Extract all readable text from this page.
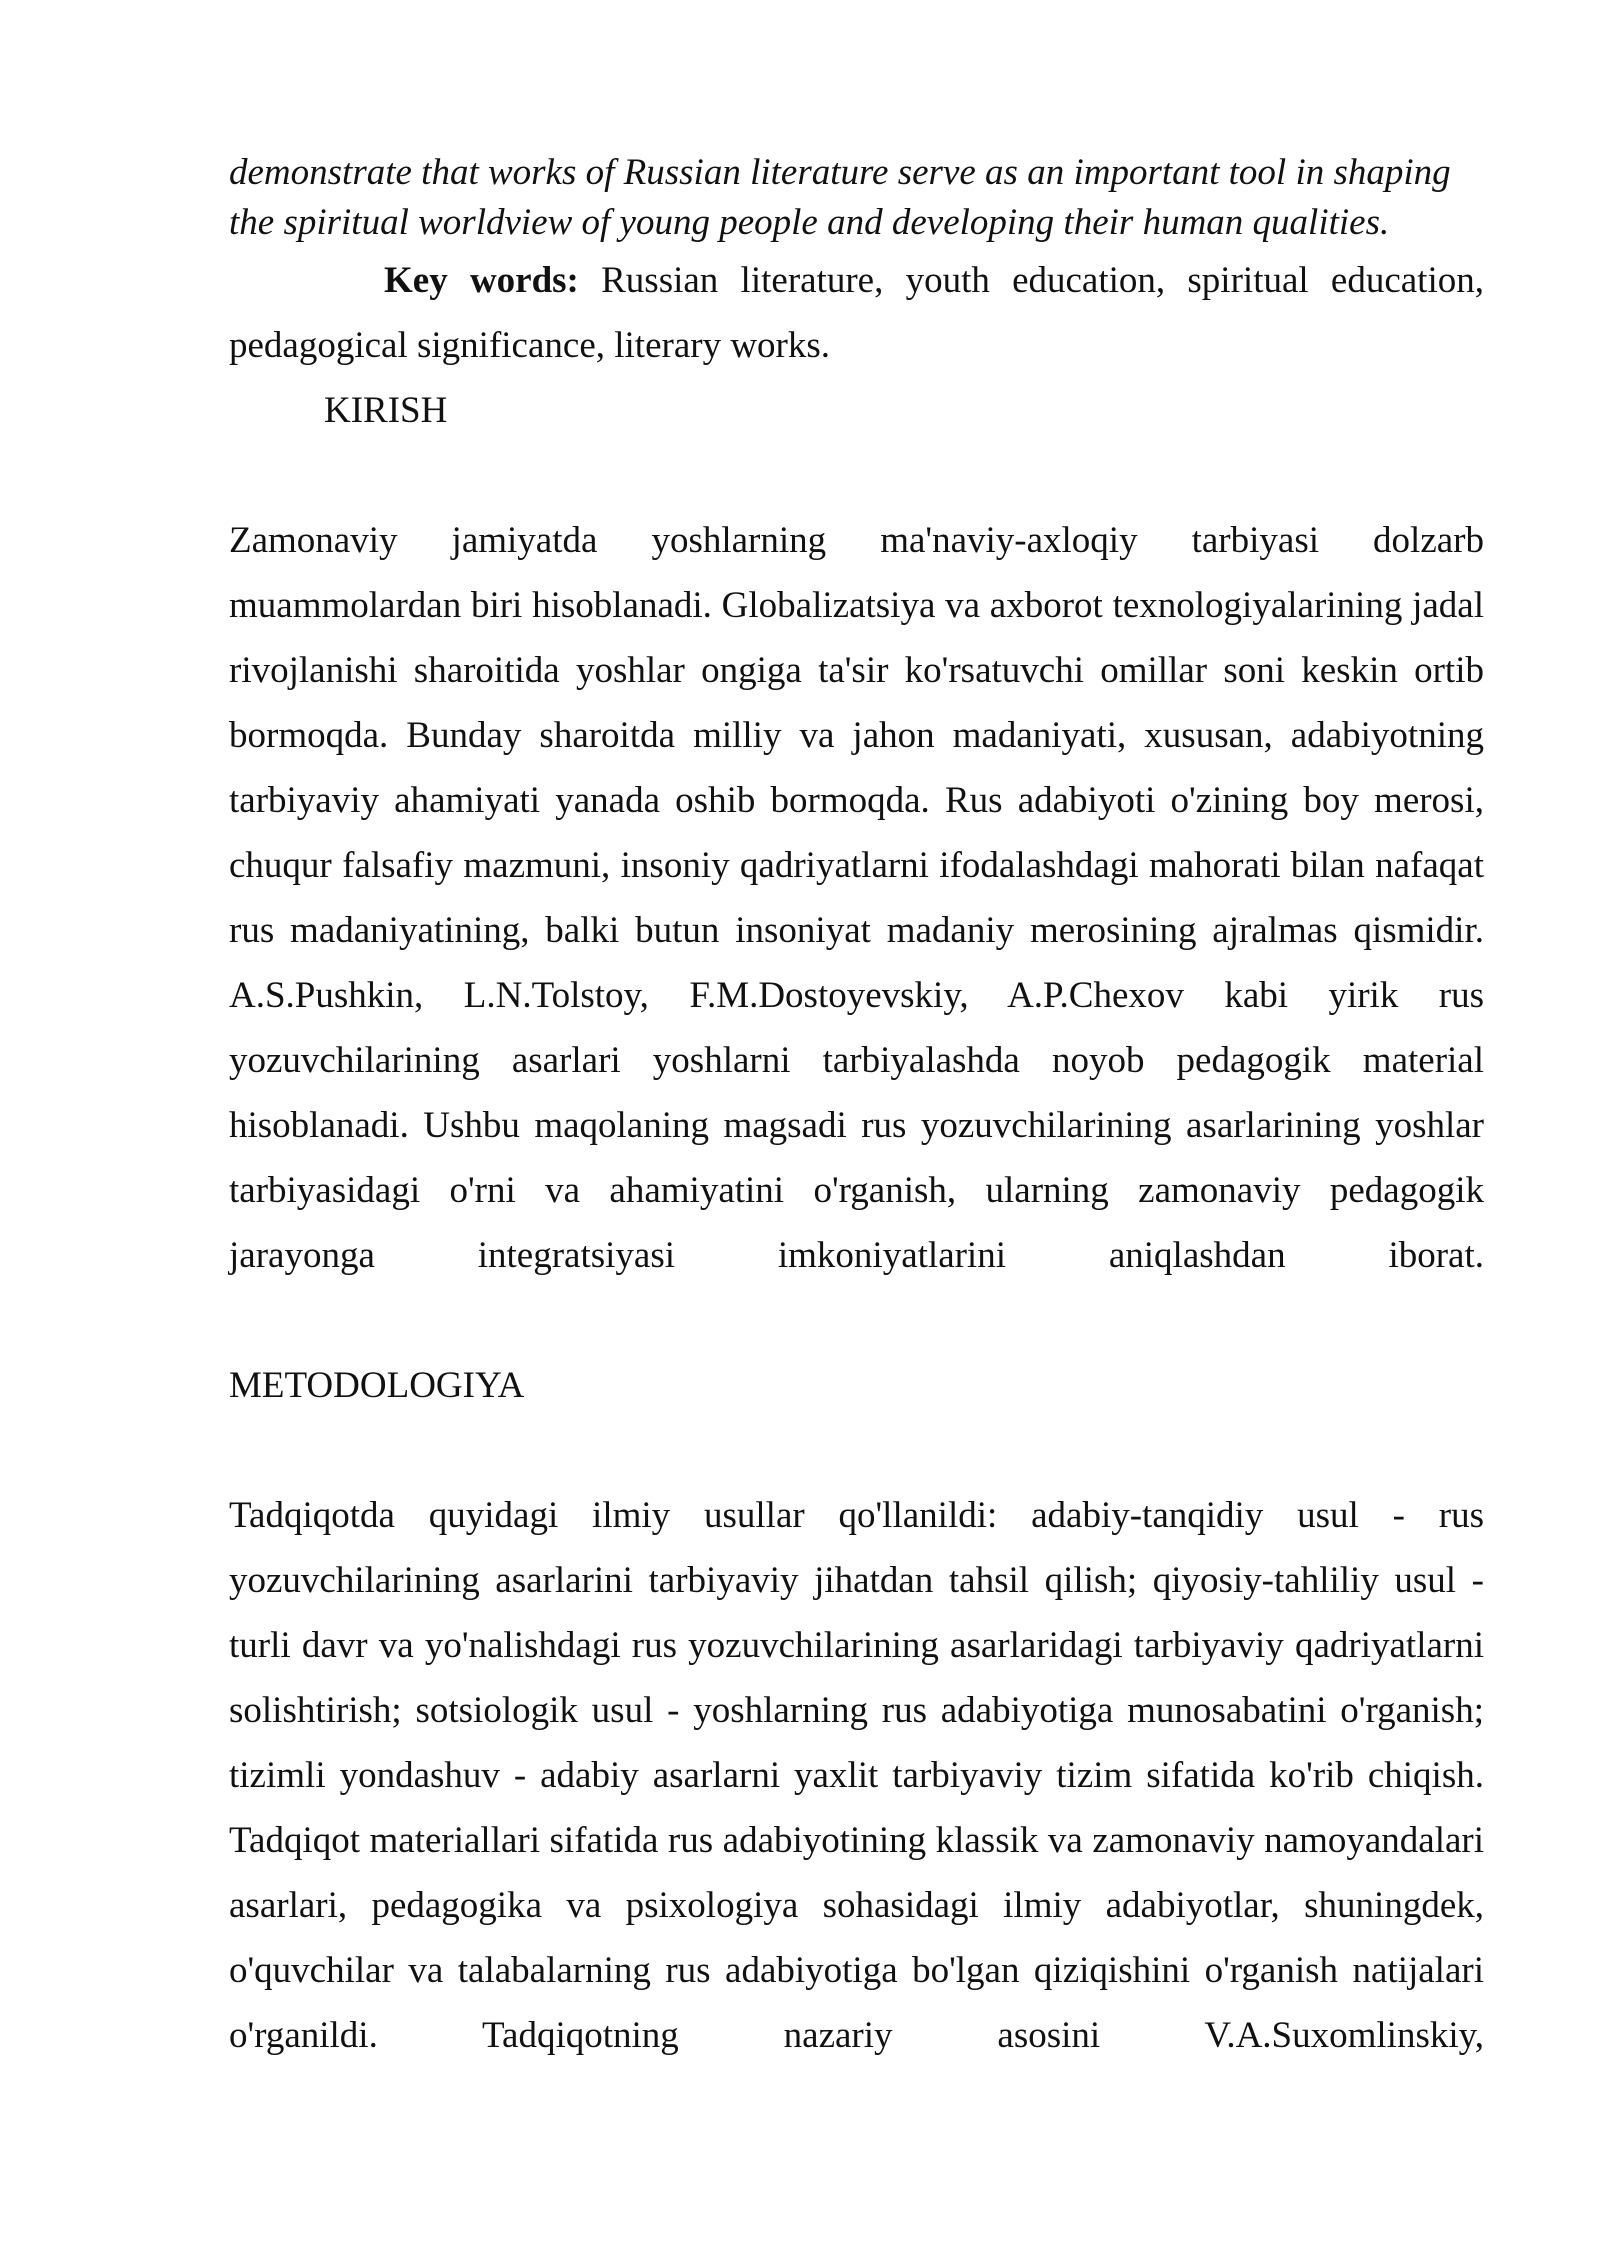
demonstrate that works of Russian literature serve as an important tool in shaping

the spiritual worldview of young people and developing their human qualities.

Key words: Russian literature, youth education, spiritual education, pedagogical significance, literary works.

KIRISH

Zamonaviy jamiyatda yoshlarning ma'naviy-axloqiy tarbiyasi dolzarb muammolardan biri hisoblanadi. Globalizatsiya va axborot texnologiyalarining jadal rivojlanishi sharoitida yoshlar ongiga ta'sir ko'rsatuvchi omillar soni keskin ortib bormoqda. Bunday sharoitda milliy va jahon madaniyati, xususan, adabiyotning tarbiyaviy ahamiyati yanada oshib bormoqda. Rus adabiyoti o'zining boy merosi, chuqur falsafiy mazmuni, insoniy qadriyatlarni ifodalashdagi mahorati bilan nafaqat rus madaniyatining, balki butun insoniyat madaniy merosining ajralmas qismidir. A.S.Pushkin, L.N.Tolstoy, F.M.Dostoyevskiy, A.P.Chexov kabi yirik rus yozuvchilarining asarlari yoshlarni tarbiyalashda noyob pedagogik material hisoblanadi. Ushbu maqolaning magsadi rus yozuvchilarining asarlarining yoshlar tarbiyasidagi o'rni va ahamiyatini o'rganish, ularning zamonaviy pedagogik jarayonga integratsiyasi imkoniyatlarini aniqlashdan iborat.

METODOLOGIYA

Tadqiqotda quyidagi ilmiy usullar qo'llanildi: adabiy-tanqidiy usul - rus yozuvchilarining asarlarini tarbiyaviy jihatdan tahsil qilish; qiyosiy-tahliliy usul - turli davr va yo'nalishdagi rus yozuvchilarining asarlaridagi tarbiyaviy qadriyatlarni solishtirish; sotsiologik usul - yoshlarning rus adabiyotiga munosabatini o'rganish; tizimli yondashuv - adabiy asarlarni yaxlit tarbiyaviy tizim sifatida ko'rib chiqish. Tadqiqot materiallari sifatida rus adabiyotining klassik va zamonaviy namoyandalari asarlari, pedagogika va psixologiya sohasidagi ilmiy adabiyotlar, shuningdek, o'quvchilar va talabalarning rus adabiyotiga bo'lgan qiziqishini o'rganish natijalari o'rganildi. Tadqiqotning nazariy asosini V.A.Suxomlinskiy,
